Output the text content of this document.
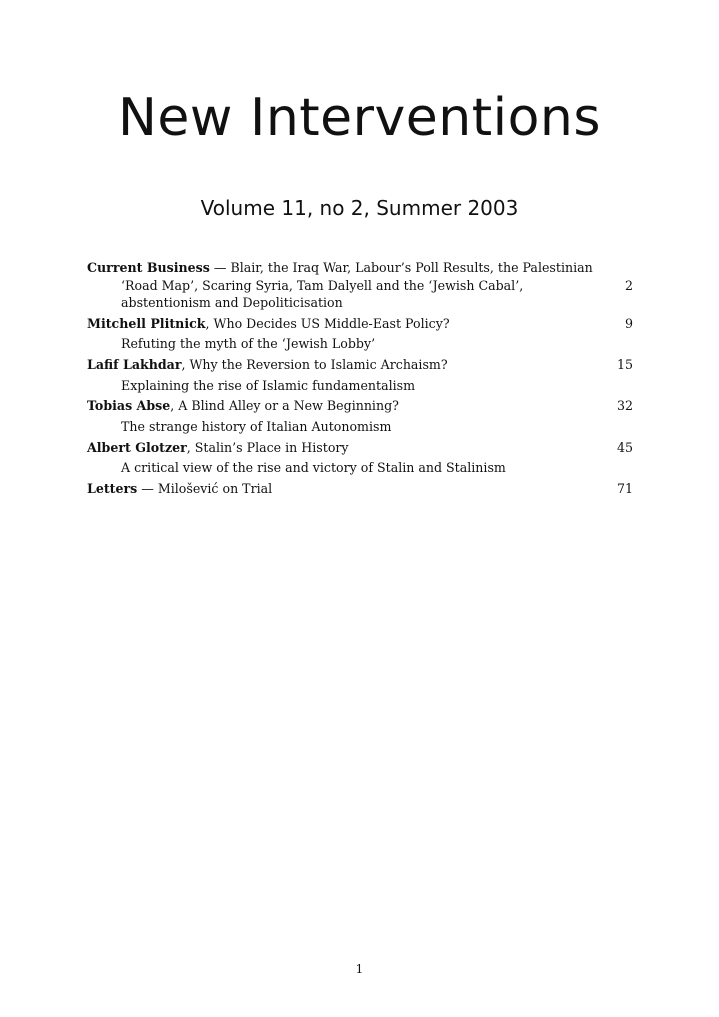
New Interventions
Volume 11, no 2, Summer 2003
Current Business — Blair, the Iraq War, Labour’s Poll Results, the Palestinian ‘Road Map’, Scaring Syria, Tam Dalyell and the ‘Jewish Cabal’, abstentionism and Depoliticisation
2
Mitchell Plitnick, Who Decides US Middle-East Policy?
Refuting the myth of the ‘Jewish Lobby’
9
Lafif Lakhdar, Why the Reversion to Islamic Archaism?
Explaining the rise of Islamic fundamentalism
15
Tobias Abse, A Blind Alley or a New Beginning?
The strange history of Italian Autonomism
32
Albert Glotzer, Stalin’s Place in History
A critical view of the rise and victory of Stalin and Stalinism
45
Letters — Milošević on Trial	71
1
